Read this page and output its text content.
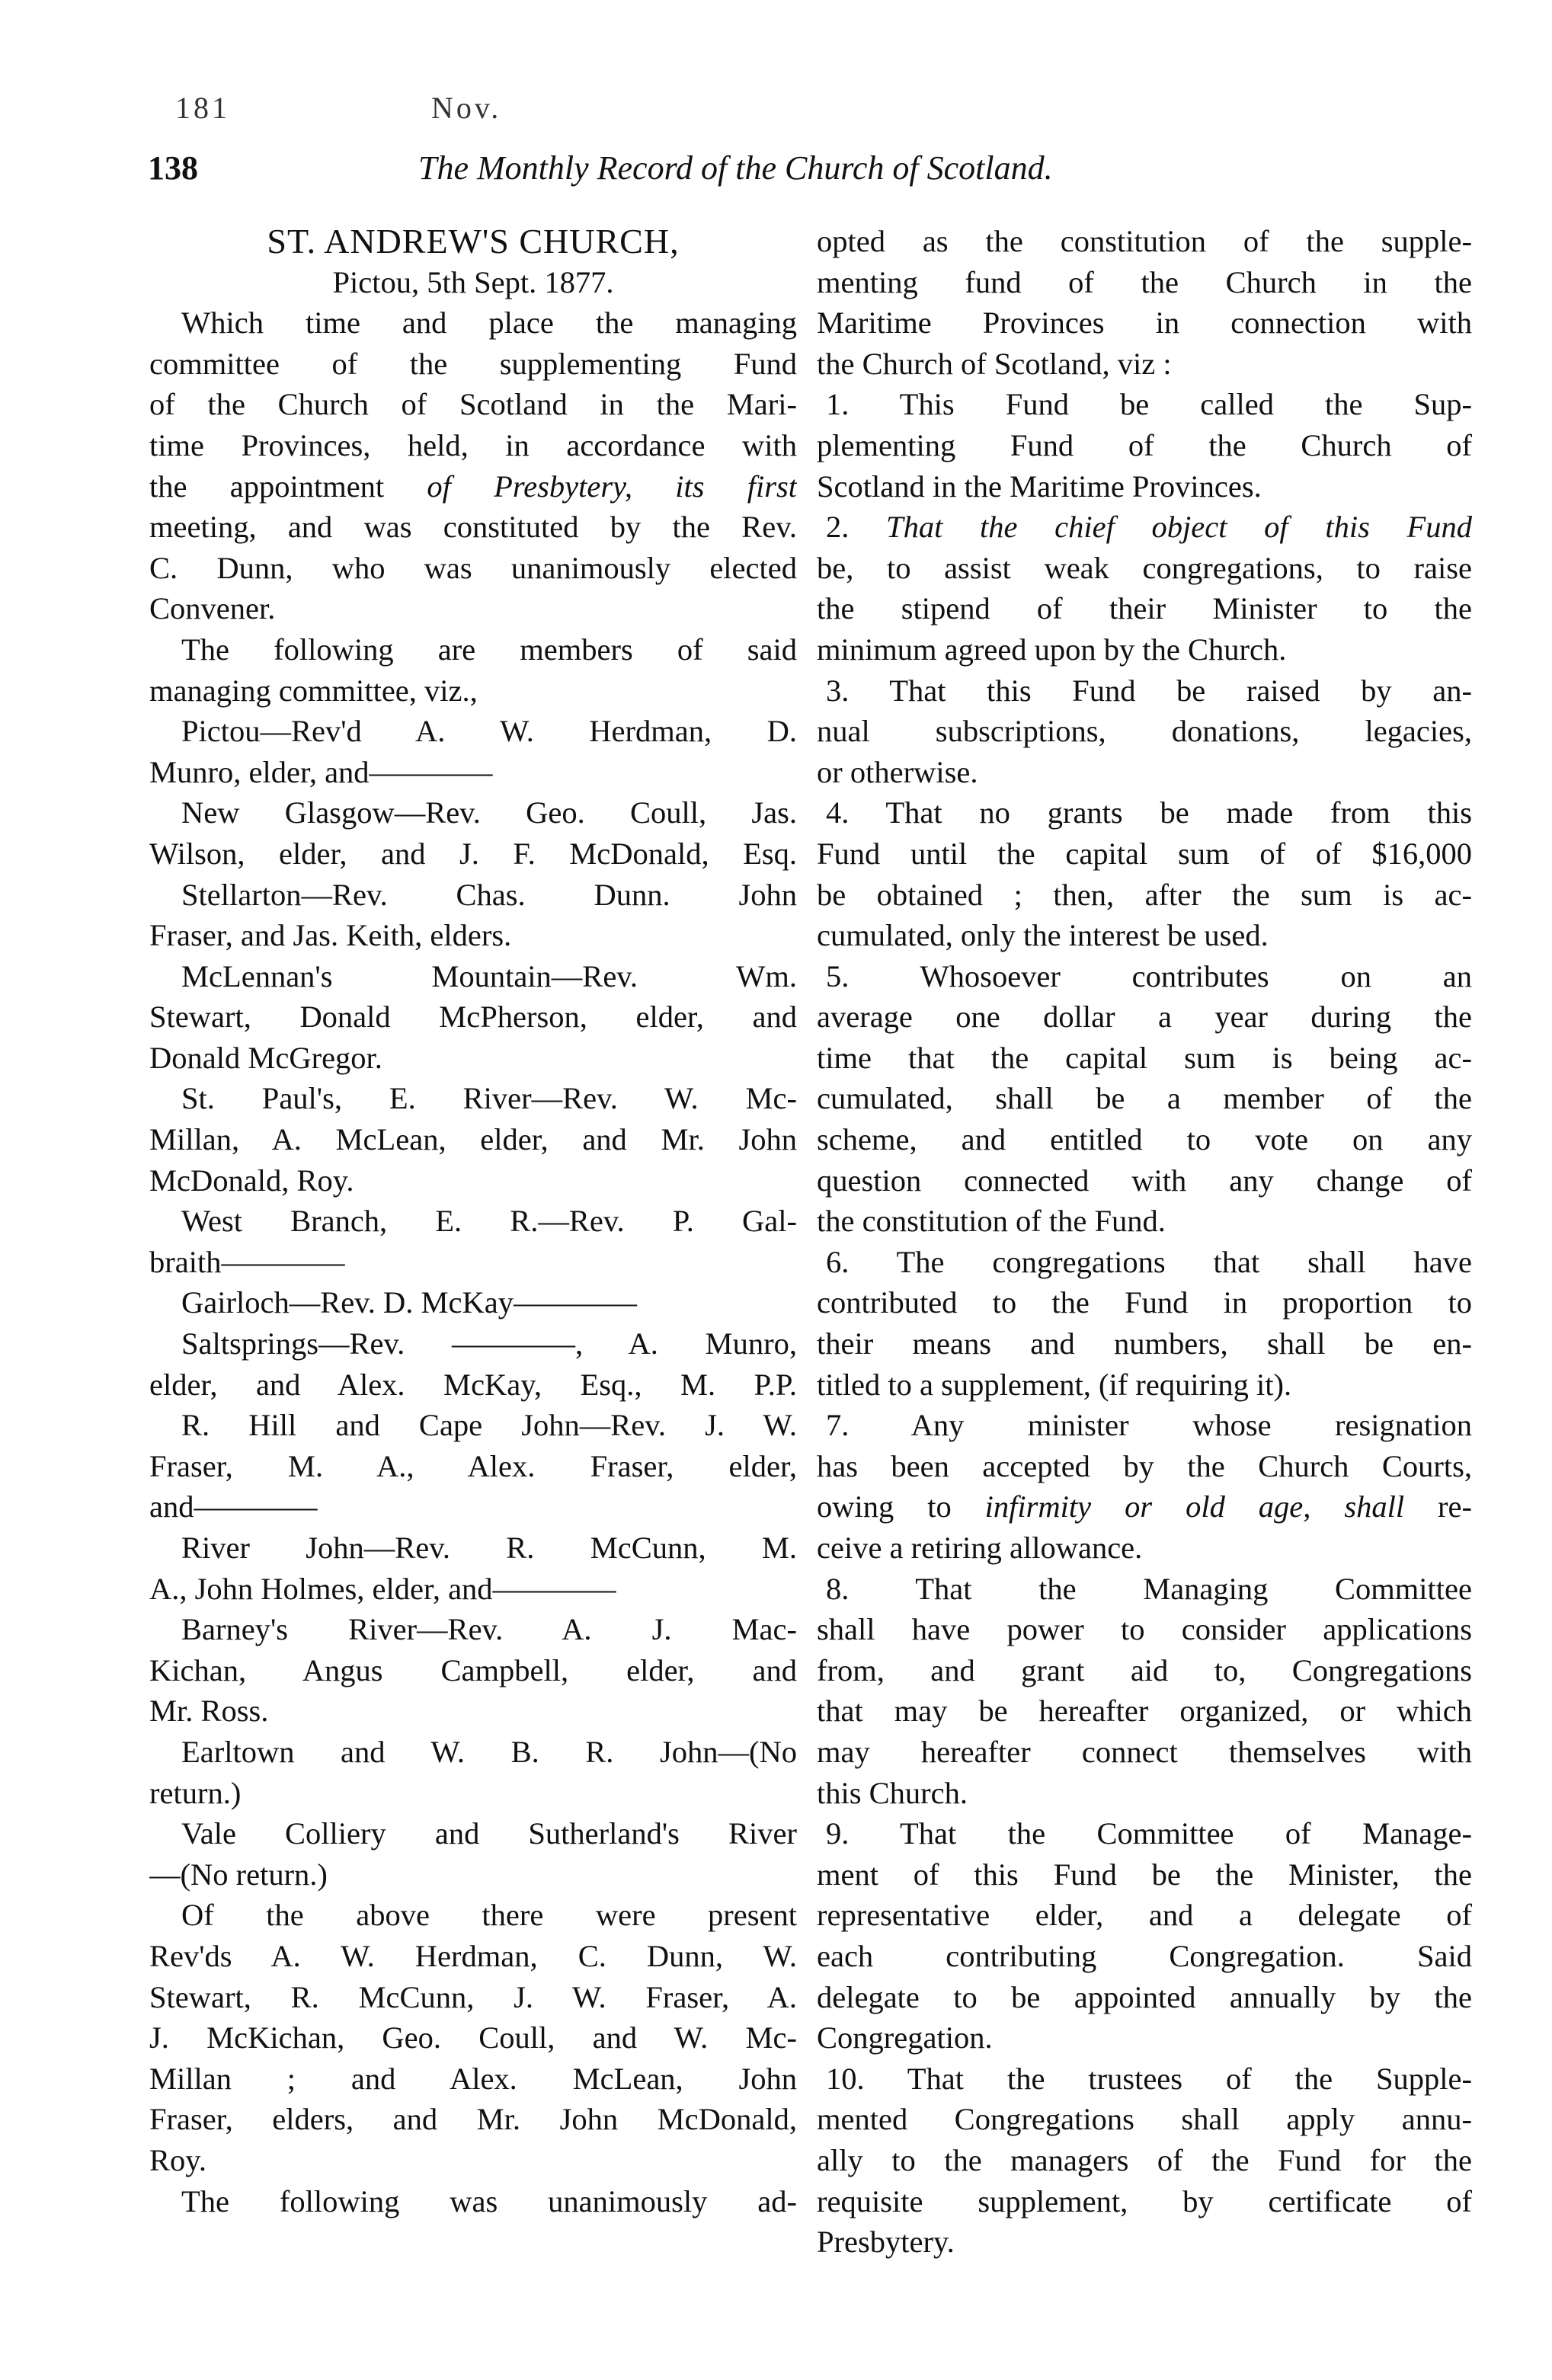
181	Nov.
138	The Monthly Record of the Church of Scotland.
ST. ANDREW'S CHURCH,
Pictou, 5th Sept. 1877.
Which time and place the managing
committee of the supplementing Fund
of the Church of Scotland in the Mari-
time Provinces, held, in accordance with
the appointment of Presbytery, its first
meeting, and was constituted by the Rev.
C. Dunn, who was unanimously elected
Convener.
The following are members of said
managing committee, viz.,
Pictou—Rev'd A. W. Herdman, D.
Munro, elder, and————
New Glasgow—Rev. Geo. Coull, Jas.
Wilson, elder, and J. F. McDonald, Esq.
Stellarton—Rev. Chas. Dunn. John
Fraser, and Jas. Keith, elders.
McLennan's Mountain—Rev. Wm.
Stewart, Donald McPherson, elder, and
Donald McGregor.
St. Paul's, E. River—Rev. W. Mc-
Millan, A. McLean, elder, and Mr. John
McDonald, Roy.
West Branch, E. R.—Rev. P. Gal-
braith————
Gairloch—Rev. D. McKay————
Saltsprings—Rev. ————, A. Munro,
elder, and Alex. McKay, Esq., M. P.P.
R. Hill and Cape John—Rev. J. W.
Fraser, M. A., Alex. Fraser, elder,
and————
River John—Rev. R. McCunn, M.
A., John Holmes, elder, and————
Barney's River—Rev. A. J. Mac-
Kichan, Angus Campbell, elder, and
Mr. Ross.
Earltown and W. B. R. John—(No
return.)
Vale Colliery and Sutherland's River
—(No return.)
Of the above there were present
Rev'ds A. W. Herdman, C. Dunn, W.
Stewart, R. McCunn, J. W. Fraser, A.
J. McKichan, Geo. Coull, and W. Mc-
Millan ; and Alex. McLean, John
Fraser, elders, and Mr. John McDonald,
Roy.
The following was unanimously ad-
opted as the constitution of the supple-
menting fund of the Church in the
Maritime Provinces in connection with
the Church of Scotland, viz :
1. This Fund be called the Sup-
plementing Fund of the Church of
Scotland in the Maritime Provinces.
2. That the chief object of this Fund
be, to assist weak congregations, to raise
the stipend of their Minister to the
minimum agreed upon by the Church.
3. That this Fund be raised by an-
nual subscriptions, donations, legacies,
or otherwise.
4. That no grants be made from this
Fund until the capital sum of of $16,000
be obtained ; then, after the sum is ac-
cumulated, only the interest be used.
5. Whosoever contributes on an
average one dollar a year during the
time that the capital sum is being ac-
cumulated, shall be a member of the
scheme, and entitled to vote on any
question connected with any change of
the constitution of the Fund.
6. The congregations that shall have
contributed to the Fund in proportion to
their means and numbers, shall be en-
titled to a supplement, (if requiring it).
7. Any minister whose resignation
has been accepted by the Church Courts,
owing to infirmity or old age, shall re-
ceive a retiring allowance.
8. That the Managing Committee
shall have power to consider applications
from, and grant aid to, Congregations
that may be hereafter organized, or which
may hereafter connect themselves with
this Church.
9. That the Committee of Manage-
ment of this Fund be the Minister, the
representative elder, and a delegate of
each contributing Congregation. Said
delegate to be appointed annually by the
Congregation.
10. That the trustees of the Supple-
mented Congregations shall apply annu-
ally to the managers of the Fund for the
requisite supplement, by certificate of
Presbytery.
